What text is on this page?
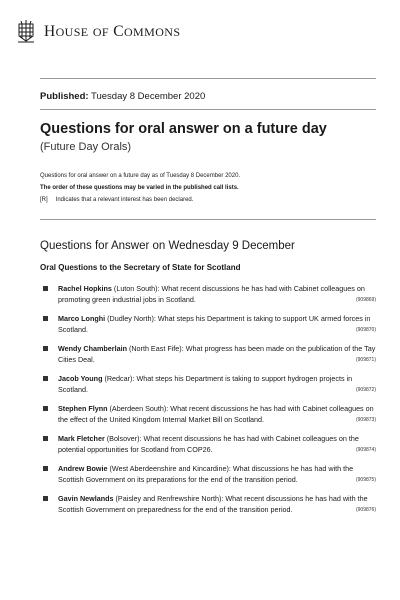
HOUSE OF COMMONS
Published: Tuesday 8 December 2020
Questions for oral answer on a future day
(Future Day Orals)
Questions for oral answer on a future day as of Tuesday 8 December 2020.
The order of these questions may be varied in the published call lists.
[R] Indicates that a relevant interest has been declared.
Questions for Answer on Wednesday 9 December
Oral Questions to the Secretary of State for Scotland
Rachel Hopkins (Luton South): What recent discussions he has had with Cabinet colleagues on promoting green industrial jobs in Scotland.	(909869)
Marco Longhi (Dudley North): What steps his Department is taking to support UK armed forces in Scotland.	(909870)
Wendy Chamberlain (North East Fife): What progress has been made on the publication of the Tay Cities Deal.	(909871)
Jacob Young (Redcar): What steps his Department is taking to support hydrogen projects in Scotland.	(909872)
Stephen Flynn (Aberdeen South): What recent discussions he has had with Cabinet colleagues on the effect of the United Kingdom Internal Market Bill on Scotland.	(909873)
Mark Fletcher (Bolsover): What recent discussions he has had with Cabinet colleagues on the potential opportunities for Scotland from COP26.	(909874)
Andrew Bowie (West Aberdeenshire and Kincardine): What discussions he has had with the Scottish Government on its preparations for the end of the transition period.	(909875)
Gavin Newlands (Paisley and Renfrewshire North): What recent discussions he has had with the Scottish Government on preparedness for the end of the transition period.	(909876)
